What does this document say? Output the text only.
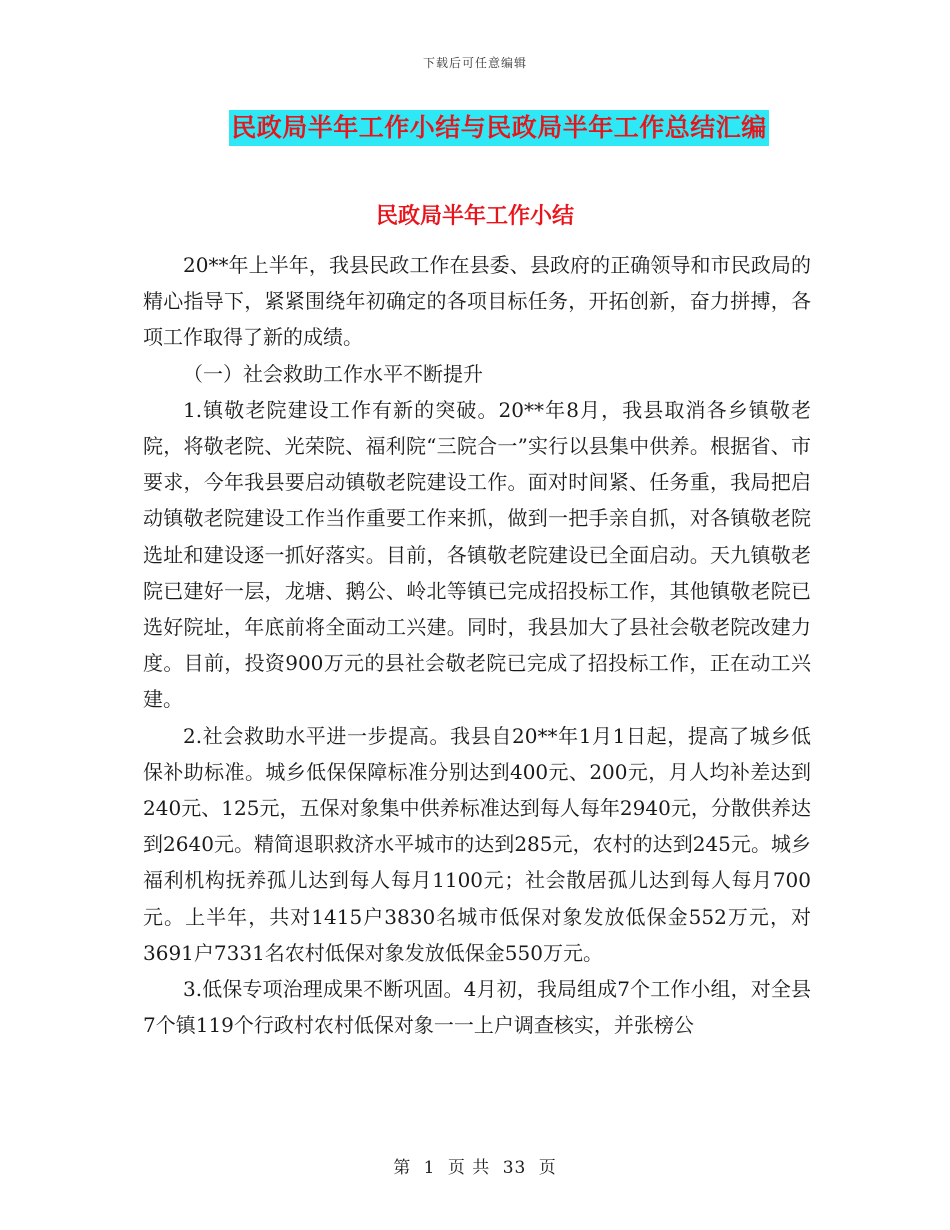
下载后可任意编辑
民政局半年工作小结与民政局半年工作总结汇编
民政局半年工作小结

20**年上半年，我县民政工作在县委、县政府的正确领导和市民政局的精心指导下，紧紧围绕年初确定的各项目标任务，开拓创新，奋力拼搏，各项工作取得了新的成绩。

（一）社会救助工作水平不断提升

1.镇敬老院建设工作有新的突破。20**年8月，我县取消各乡镇敬老院，将敬老院、光荣院、福利院“三院合一”实行以县集中供养。根据省、市要求，今年我县要启动镇敬老院建设工作。面对时间紧、任务重，我局把启动镇敬老院建设工作当作重要工作来抓，做到一把手亲自抓，对各镇敬老院选址和建设逐一抓好落实。目前，各镇敬老院建设已全面启动。天九镇敬老院已建好一层，龙塘、鹅公、岭北等镇已完成招投标工作，其他镇敬老院已选好院址，年底前将全面动工兴建。同时，我县加大了县社会敬老院改建力度。目前，投资900万元的县社会敬老院已完成了招投标工作，正在动工兴建。

2.社会救助水平进一步提高。我县自20**年1月1日起，提高了城乡低保补助标准。城乡低保保障标准分别达到400元、200元，月人均补差达到240元、125元，五保对象集中供养标准达到每人每年2940元，分散供养达到2640元。精简退职救济水平城市的达到285元，农村的达到245元。城乡福利机构抚养孤儿达到每人每月1100元；社会散居孤儿达到每人每月700元。上半年，共对1415户3830名城市低保对象发放低保金552万元，对3691户7331名农村低保对象发放低保金550万元。

3.低保专项治理成果不断巩固。4月初，我局组成7个工作小组，对全县7个镇119个行政村农村低保对象一一上户调查核实，并张榜公

第 1 页 共 33 页
